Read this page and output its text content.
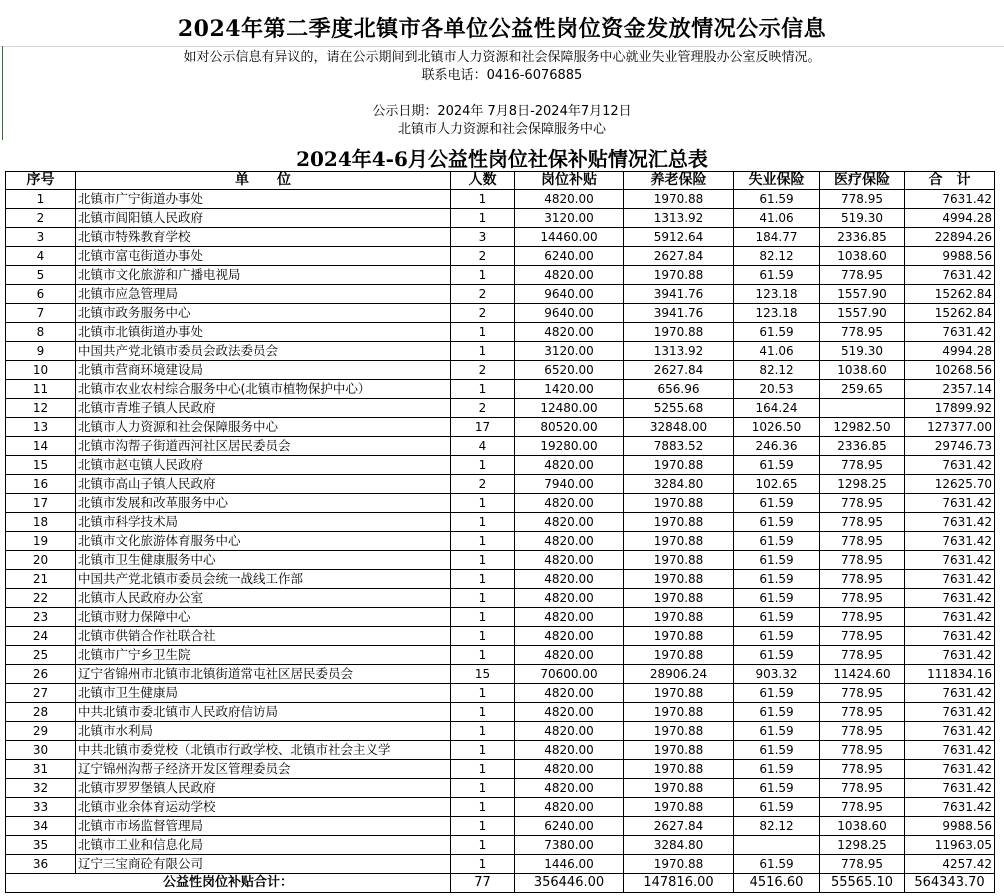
2024年第二季度北镇市各单位公益性岗位资金发放情况公示信息
如对公示信息有异议的，请在公示期间到北镇市人力资源和社会保障服务中心就业失业管理股办公室反映情况。
联系电话：0416-6076885
公示日期：2024年 7月8日-2024年7月12日
北镇市人力资源和社会保障服务中心
2024年4-6月公益性岗位社保补贴情况汇总表
序号	单　　位	人数	岗位补贴	养老保险	失业保险	医疗保险	合　计
1	北镇市广宁街道办事处	1	4820.00	1970.88	61.59	778.95	7631.42
2	北镇市闾阳镇人民政府	1	3120.00	1313.92	41.06	519.30	4994.28
3	北镇市特殊教育学校	3	14460.00	5912.64	184.77	2336.85	22894.26
4	北镇市富屯街道办事处	2	6240.00	2627.84	82.12	1038.60	9988.56
5	北镇市文化旅游和广播电视局	1	4820.00	1970.88	61.59	778.95	7631.42
6	北镇市应急管理局	2	9640.00	3941.76	123.18	1557.90	15262.84
7	北镇市政务服务中心	2	9640.00	3941.76	123.18	1557.90	15262.84
8	北镇市北镇街道办事处	1	4820.00	1970.88	61.59	778.95	7631.42
9	中国共产党北镇市委员会政法委员会	1	3120.00	1313.92	41.06	519.30	4994.28
10	北镇市营商环境建设局	2	6520.00	2627.84	82.12	1038.60	10268.56
11	北镇市农业农村综合服务中心(北镇市植物保护中心）	1	1420.00	656.96	20.53	259.65	2357.14
12	北镇市青堆子镇人民政府	2	12480.00	5255.68	164.24		17899.92
13	北镇市人力资源和社会保障服务中心	17	80520.00	32848.00	1026.50	12982.50	127377.00
14	北镇市沟帮子街道西河社区居民委员会	4	19280.00	7883.52	246.36	2336.85	29746.73
15	北镇市赵屯镇人民政府	1	4820.00	1970.88	61.59	778.95	7631.42
16	北镇市高山子镇人民政府	2	7940.00	3284.80	102.65	1298.25	12625.70
17	北镇市发展和改革服务中心	1	4820.00	1970.88	61.59	778.95	7631.42
18	北镇市科学技术局	1	4820.00	1970.88	61.59	778.95	7631.42
19	北镇市文化旅游体育服务中心	1	4820.00	1970.88	61.59	778.95	7631.42
20	北镇市卫生健康服务中心	1	4820.00	1970.88	61.59	778.95	7631.42
21	中国共产党北镇市委员会统一战线工作部	1	4820.00	1970.88	61.59	778.95	7631.42
22	北镇市人民政府办公室	1	4820.00	1970.88	61.59	778.95	7631.42
23	北镇市财力保障中心	1	4820.00	1970.88	61.59	778.95	7631.42
24	北镇市供销合作社联合社	1	4820.00	1970.88	61.59	778.95	7631.42
25	北镇市广宁乡卫生院	1	4820.00	1970.88	61.59	778.95	7631.42
26	辽宁省锦州市北镇市北镇街道常屯社区居民委员会	15	70600.00	28906.24	903.32	11424.60	111834.16
27	北镇市卫生健康局	1	4820.00	1970.88	61.59	778.95	7631.42
28	中共北镇市委北镇市人民政府信访局	1	4820.00	1970.88	61.59	778.95	7631.42
29	北镇市水利局	1	4820.00	1970.88	61.59	778.95	7631.42
30	中共北镇市委党校（北镇市行政学校、北镇市社会主义学	1	4820.00	1970.88	61.59	778.95	7631.42
31	辽宁锦州沟帮子经济开发区管理委员会	1	4820.00	1970.88	61.59	778.95	7631.42
32	北镇市罗罗堡镇人民政府	1	4820.00	1970.88	61.59	778.95	7631.42
33	北镇市业余体育运动学校	1	4820.00	1970.88	61.59	778.95	7631.42
34	北镇市市场监督管理局	1	6240.00	2627.84	82.12	1038.60	9988.56
35	北镇市工业和信息化局	1	7380.00	3284.80		1298.25	11963.05
36	辽宁三宝商砼有限公司	1	1446.00	1970.88	61.59	778.95	4257.42
公益性岗位补贴合计：		77	356446.00	147816.00	4516.60	55565.10	564343.70
